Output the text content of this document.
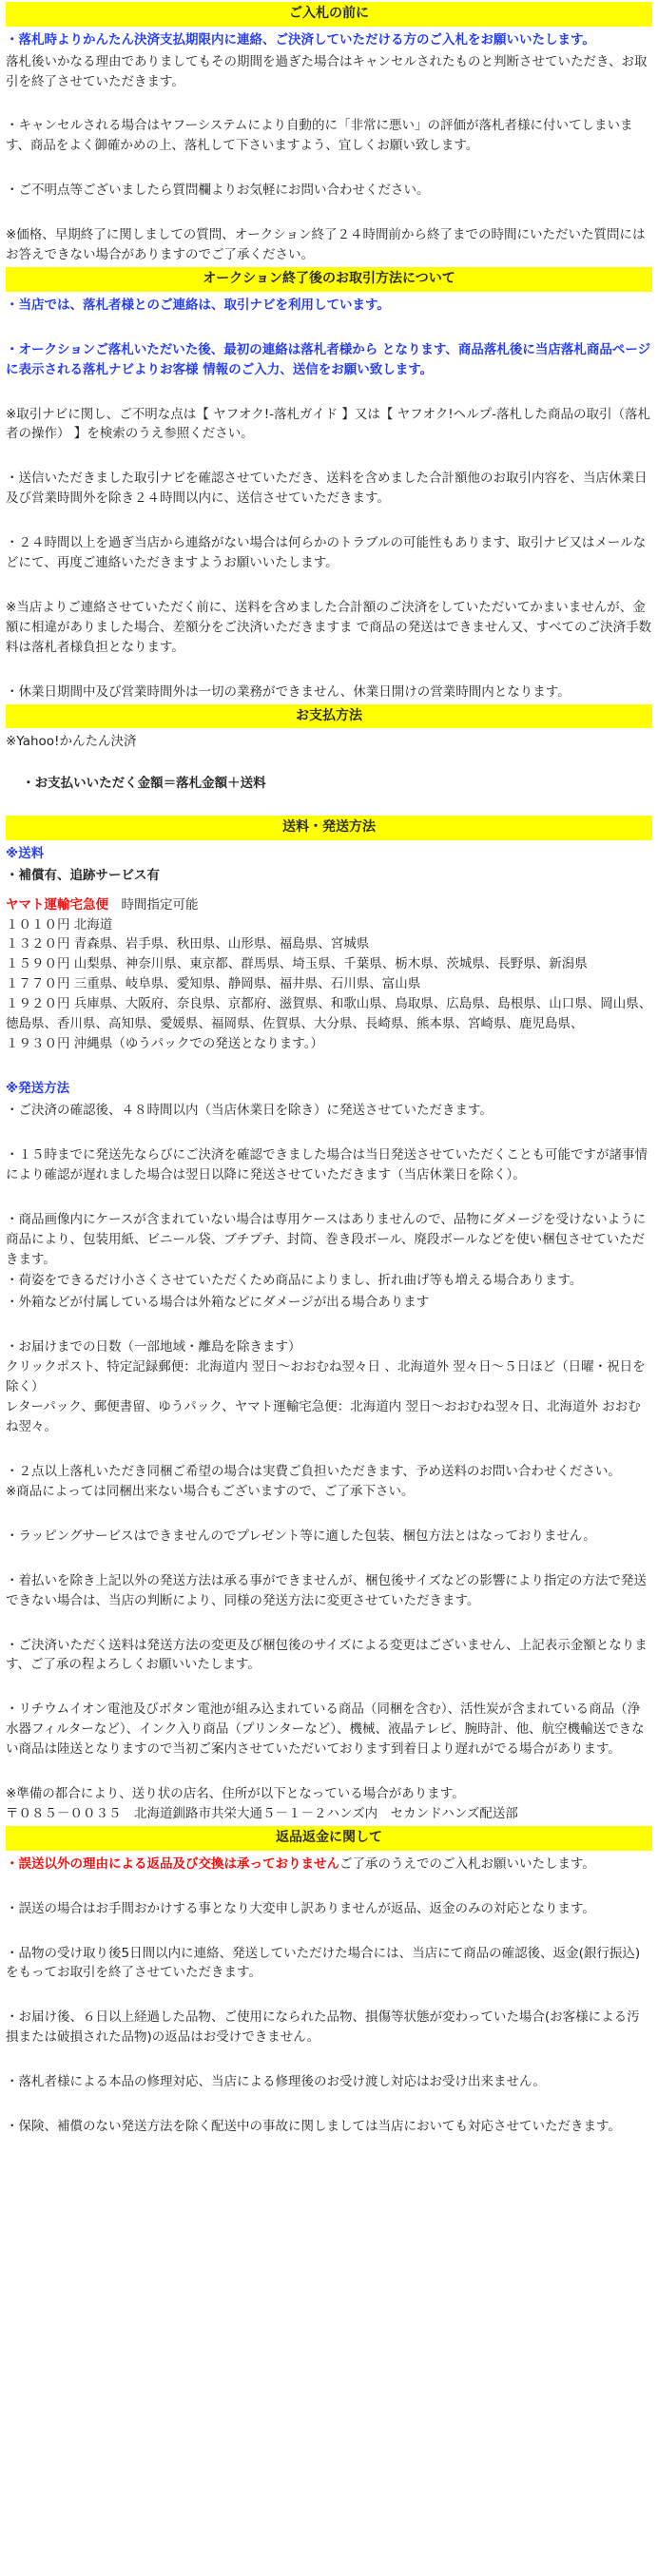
ご入札の前に
・落札時よりかんたん決済支払期限内に連絡、ご決済していただける方のご入札をお願いいたします。
落札後いかなる理由でありましてもその期間を過ぎた場合はキャンセルされたものと判断させていただき、お取引を終了させていただきます。
・キャンセルされる場合はヤフーシステムにより自動的に「非常に悪い」の評価が落札者様に付いてしまいます、商品をよく御確かめの上、落札して下さいますよう、宜しくお願い致します。
・ご不明点等ございましたら質問欄よりお気軽にお問い合わせください。
※価格、早期終了に関しましての質問、オークション終了２４時間前から終了までの時間にいただいた質問にはお答えできない場合がありますのでご了承ください。
オークション終了後のお取引方法について
・当店では、落札者様とのご連絡は、取引ナビを利用しています。
・オークションご落札いただいた後、最初の連絡は落札者様から となります、商品落札後に当店落札商品ページに表示される落札ナビよりお客様 情報のご入力、送信をお願い致します。
※取引ナビに関し、ご不明な点は【 ヤフオク!-落札ガイド 】又は【 ヤフオク!ヘルプ-落札した商品の取引（落札者の操作） 】を検索のうえ参照ください。
・送信いただきました取引ナビを確認させていただき、送料を含めました合計額他のお取引内容を、当店休業日及び営業時間外を除き２４時間以内に、送信させていただきます。
・２４時間以上を過ぎ当店から連絡がない場合は何らかのトラブルの可能性もあります、取引ナビ又はメールなどにて、再度ご連絡いただきますようお願いいたします。
※当店よりご連絡させていただく前に、送料を含めました合計額のご決済をしていただいてかまいませんが、金額に相違がありました場合、差額分をご決済いただきますま で商品の発送はできません又、すべてのご決済手数料は落札者様負担となります。
・休業日期間中及び営業時間外は一切の業務ができません、休業日開けの営業時間内となります。
お支払方法
※Yahoo!かんたん決済

・お支払いいただく金額＝落札金額＋送料

送料・発送方法
※送料
・補償有、追跡サービス有
ヤマト運輸宅急便　時間指定可能
１０１０円 北海道
１３２０円 青森県、岩手県、秋田県、山形県、福島県、宮城県
１５９０円 山梨県、神奈川県、東京都、群馬県、埼玉県、千葉県、栃木県、茨城県、長野県、新潟県
１７７０円 三重県、岐阜県、愛知県、静岡県、福井県、石川県、富山県
１９２０円 兵庫県、大阪府、奈良県、京都府、滋賀県、和歌山県、鳥取県、広島県、島根県、山口県、岡山県、徳島県、香川県、高知県、愛媛県、福岡県、佐賀県、大分県、長崎県、熊本県、宮崎県、鹿児島県、
１９３０円 沖縄県（ゆうパックでの発送となります。）
※発送方法
・ご決済の確認後、４８時間以内（当店休業日を除き）に発送させていただきます。
・１５時までに発送先ならびにご決済を確認できました場合は当日発送させていただくことも可能ですが諸事情により確認が遅れました場合は翌日以降に発送させていただきます（当店休業日を除く）。
・商品画像内にケースが含まれていない場合は専用ケースはありませんので、品物にダメージを受けないように商品により、包装用紙、ビニール袋、ブチプチ、封筒、巻き段ボール、廃段ボールなどを使い梱包させていただきます。
・荷姿をできるだけ小さくさせていただくため商品によりまし、折れ曲げ等も増える場合あります。
・外箱などが付属している場合は外箱などにダメージが出る場合あります
・お届けまでの日数（一部地域・離島を除きます）
クリックポスト、特定記録郵便：北海道内 翌日〜おおむね翌々日 、北海道外 翌々日〜５日ほど（日曜・祝日を除く）
レターパック、郵便書留、ゆうパック、ヤマト運輸宅急便：北海道内 翌日〜おおむね翌々日、北海道外 おおむね翌々。
・２点以上落札いただき同梱ご希望の場合は実費ご負担いただきます、予め送料のお問い合わせください。
※商品によっては同梱出来ない場合もございますので、ご了承下さい。
・ラッピングサービスはできませんのでプレゼント等に適した包装、梱包方法とはなっておりません。
・着払いを除き上記以外の発送方法は承る事ができませんが、梱包後サイズなどの影響により指定の方法で発送できない場合は、当店の判断により、同様の発送方法に変更させていただきます。
・ご決済いただく送料は発送方法の変更及び梱包後のサイズによる変更はございません、上記表示金額となります、ご了承の程よろしくお願いいたします。
・リチウムイオン電池及びボタン電池が組み込まれている商品（同梱を含む）、活性炭が含まれている商品（浄水器フィルターなど）、インク入り商品（プリンターなど）、機械、液晶テレビ、腕時計、他、航空機輸送できない商品は陸送となりますので当初ご案内させていただいております到着日より遅れがでる場合があります。
※準備の都合により、送り状の店名、住所が以下となっている場合があります。
〒０８５－００３５　北海道釧路市共栄大通５－１－２ハンズ内　セカンドハンズ配送部
返品返金に関して
・誤送以外の理由による返品及び交換は承っておりませんご了承のうえでのご入札お願いいたします。
・誤送の場合はお手間おかけする事となり大変申し訳ありませんが返品、返金のみの対応となります。
・品物の受け取り後5日間以内に連絡、発送していただけた場合には、当店にて商品の確認後、返金(銀行振込)をもってお取引を終了させていただきます。
・お届け後、６日以上経過した品物、ご使用になられた品物、損傷等状態が変わっていた場合(お客様による汚損または破損された品物)の返品はお受けできません。
・落札者様による本品の修理対応、当店による修理後のお受け渡し対応はお受け出来ません。
・保険、補償のない発送方法を除く配送中の事故に関しましては当店においても対応させていただきます。
